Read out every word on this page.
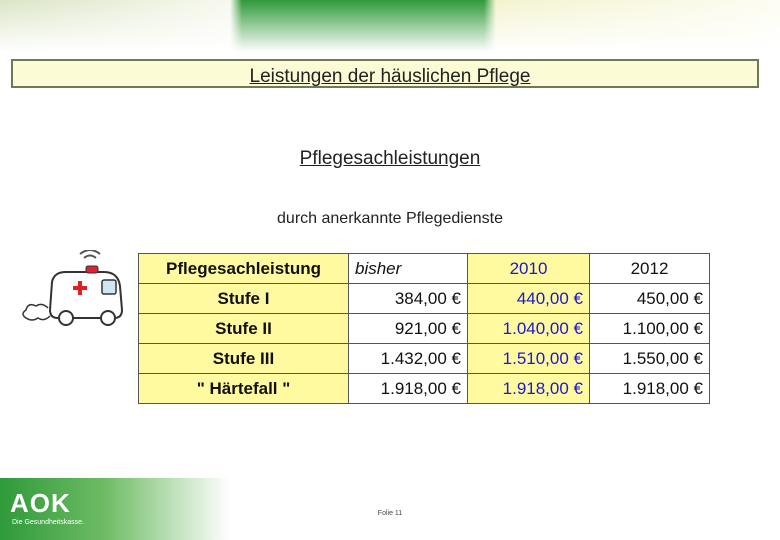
Leistungen der häuslichen Pflege
Pflegesachleistungen
durch anerkannte Pflegedienste
Pflegesachleistung	bisher	2010	2012
Stufe I	384,00 €	440,00 €	450,00 €
Stufe II	921,00 €	1.040,00 €	1.100,00 €
Stufe III	1.432,00 €	1.510,00 €	1.550,00 €
" Härtefall "	1.918,00 €	1.918,00 €	1.918,00 €
AOK
Die Gesundheitskasse.
Folie 11
